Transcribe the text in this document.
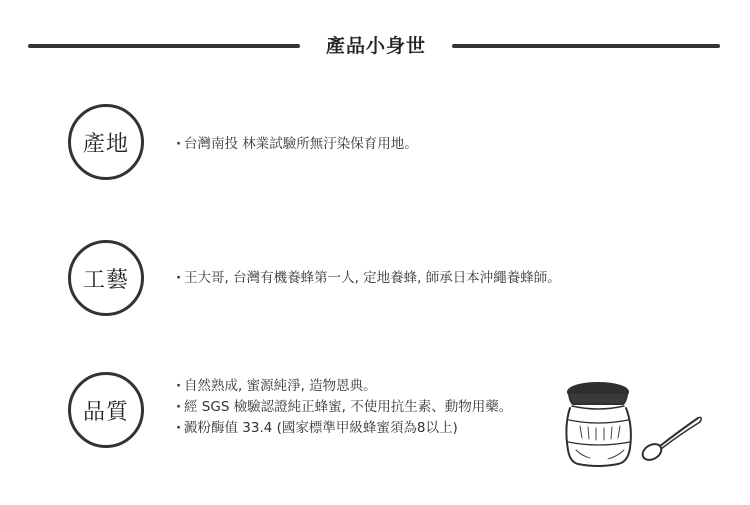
產品小身世
產地	· 台灣南投 林業試驗所無汙染保育用地。
工藝	· 王大哥, 台灣有機養蜂第一人, 定地養蜂, 師承日本沖繩養蜂師。
品質
· 自然熟成, 蜜源純淨, 造物恩典。
· 經 SGS 檢驗認證純正蜂蜜, 不使用抗生素、動物用藥。
· 澱粉酶值 33.4 (國家標準甲級蜂蜜須為8以上)
